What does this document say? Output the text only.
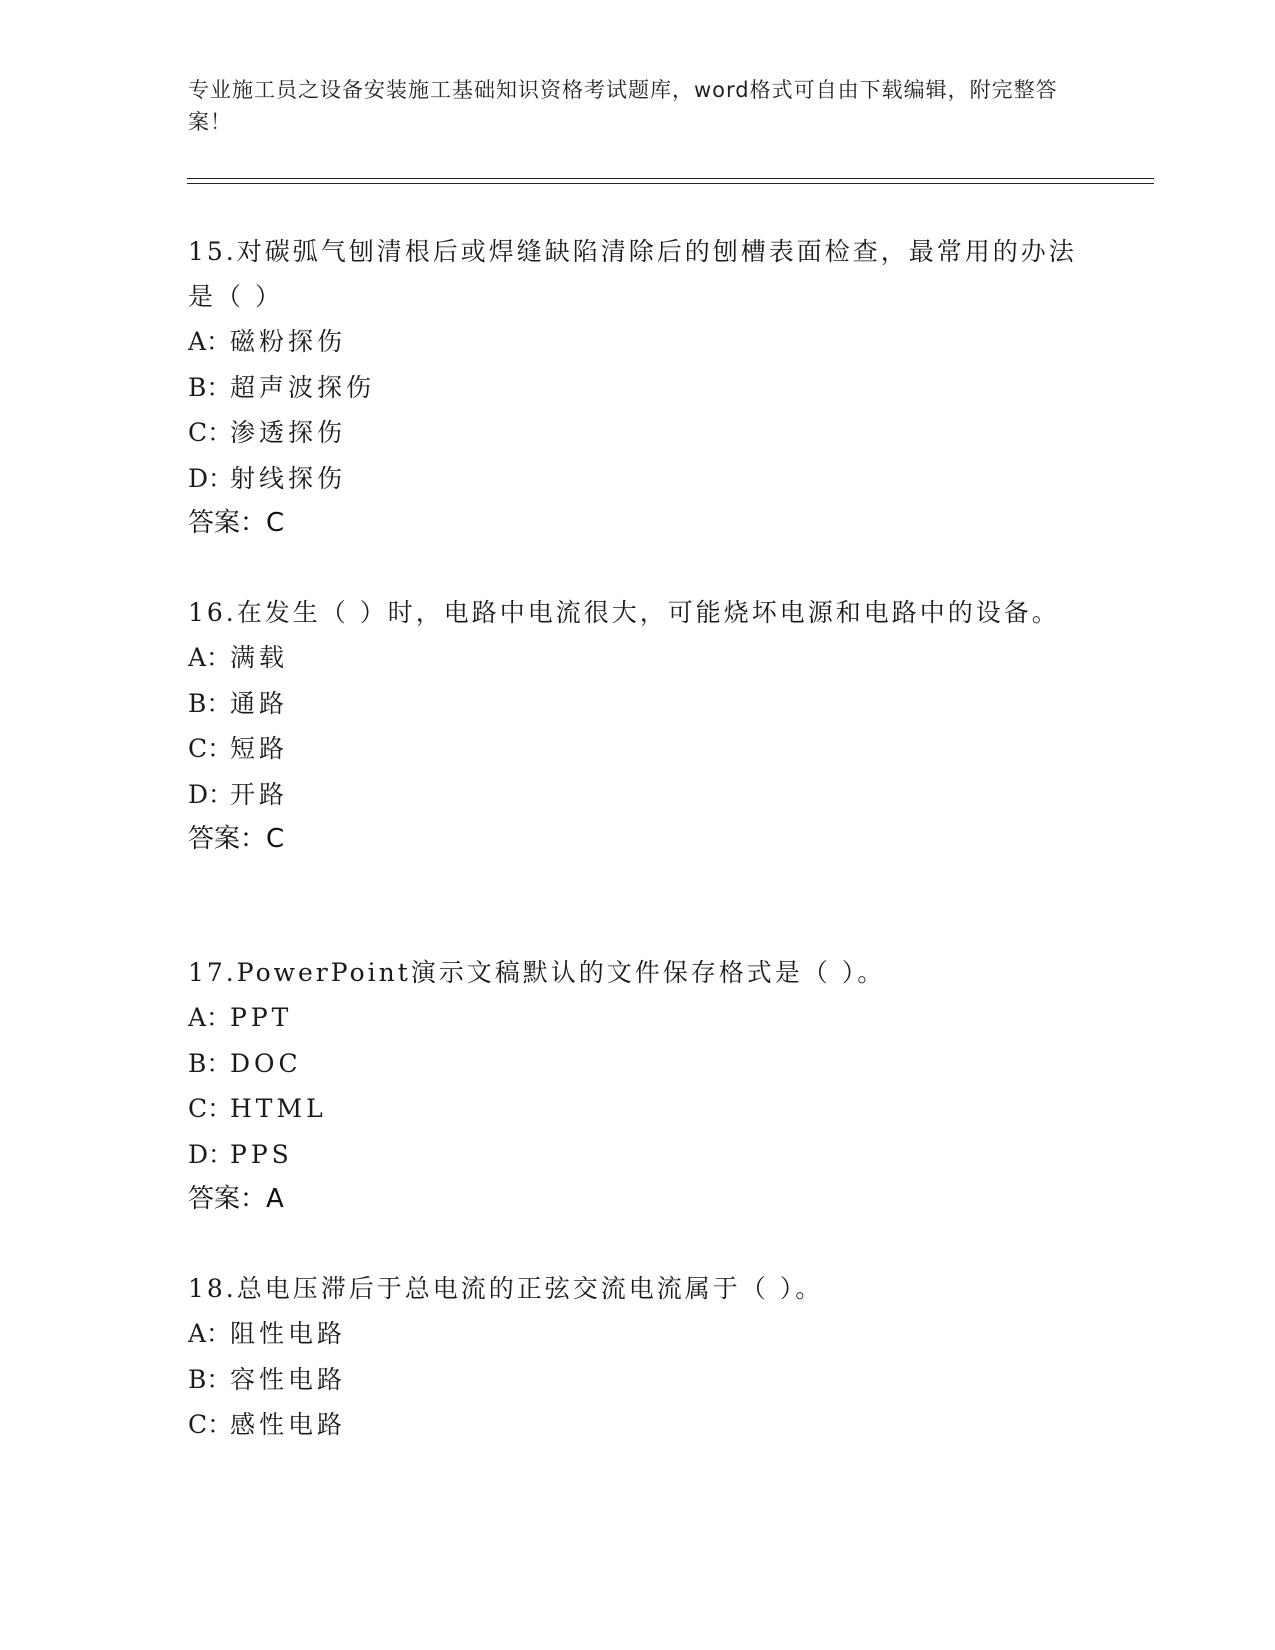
专业施工员之设备安装施工基础知识资格考试题库，word格式可自由下载编辑，附完整答案！
15.对碳弧气刨清根后或焊缝缺陷清除后的刨槽表面检查，最常用的办法是（ ）
A：磁粉探伤
B：超声波探伤
C：渗透探伤
D：射线探伤
答案：C
16.在发生（ ）时，电路中电流很大，可能烧坏电源和电路中的设备。
A：满载
B：通路
C：短路
D：开路
答案：C
17.PowerPoint演示文稿默认的文件保存格式是（ ）。
A：PPT
B：DOC
C：HTML
D：PPS
答案：A
18.总电压滞后于总电流的正弦交流电流属于（ ）。
A：阻性电路
B：容性电路
C：感性电路
